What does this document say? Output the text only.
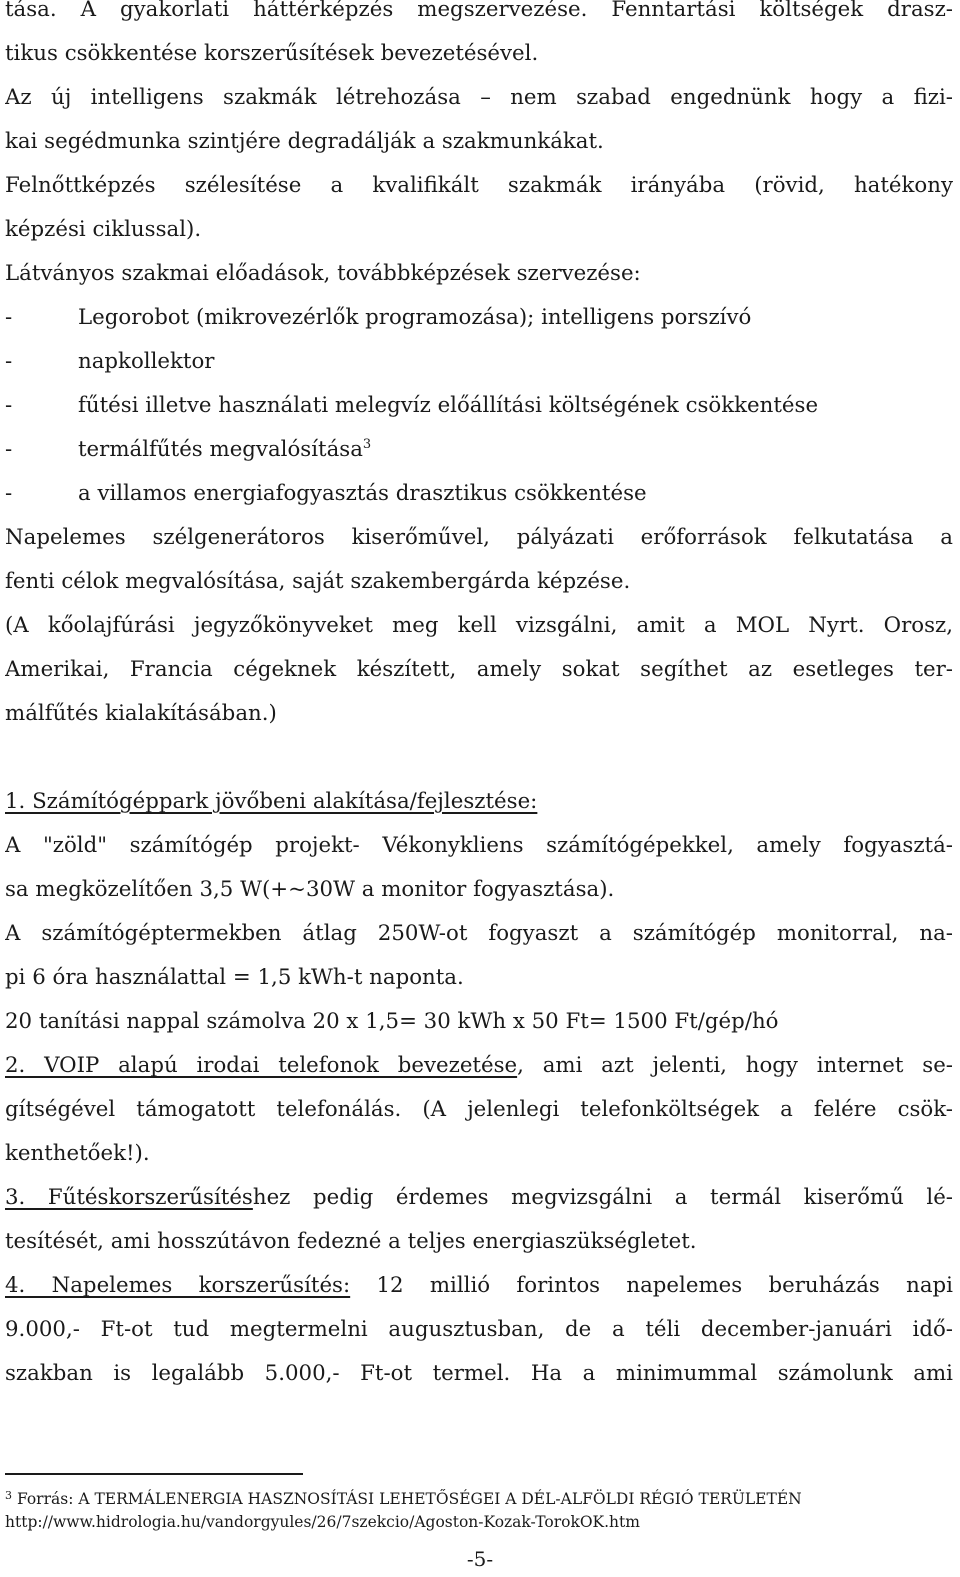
tása. A gyakorlati háttérképzés megszervezése. Fenntartási költségek drasz-
tikus csökkentése korszerűsítések bevezetésével.
Az új intelligens szakmák létrehozása – nem szabad engednünk hogy a fizi-
kai segédmunka szintjére degradálják a szakmunkákat.
Felnőttképzés szélesítése a kvalifikált szakmák irányába (rövid, hatékony
képzési ciklussal).
Látványos szakmai előadások, továbbképzések szervezése:
-	Legorobot (mikrovezérlők programozása); intelligens porszívó
-	napkollektor
-	fűtési illetve használati melegvíz előállítási költségének csökkentése
-	termálfűtés megvalósítása$^3$
-	a villamos energiafogyasztás drasztikus csökkentése
Napelemes szélgenerátoros kiserőművel, pályázati erőforrások felkutatása a
fenti célok megvalósítása, saját szakembergárda képzése.
(A kőolajfúrási jegyzőkönyveket meg kell vizsgálni, amit a MOL Nyrt. Orosz,
Amerikai, Francia cégeknek készített, amely sokat segíthet az esetleges ter-
málfűtés kialakításában.)
1. Számítógéppark jövőbeni alakítása/fejlesztése:
A "zöld" számítógép projekt- Vékonykliens számítógépekkel, amely fogyasztá-
sa megközelítően 3,5 W(+~30W a monitor fogyasztása).
A számítógéptermekben átlag 250W-ot fogyaszt a számítógép monitorral, na-
pi 6 óra használattal = 1,5 kWh-t naponta.
20 tanítási nappal számolva 20 x 1,5= 30 kWh x 50 Ft= 1500 Ft/gép/hó
2. VOIP alapú irodai telefonok bevezetése, ami azt jelenti, hogy internet se-
gítségével támogatott telefonálás. (A jelenlegi telefonköltségek a felére csök-
kenthetőek!).
3. Fűtéskorszerűsítéshez pedig érdemes megvizsgálni a termál kiserőmű lé-
tesítését, ami hosszútávon fedezné a teljes energiaszükségletet.
4. Napelemes korszerűsítés: 12 millió forintos napelemes beruházás napi
9.000,- Ft-ot tud megtermelni augusztusban, de a téli december-januári idő-
szakban is legalább 5.000,- Ft-ot termel. Ha a minimummal számolunk ami
$^3$ Forrás: A TERMÁLENERGIA HASZNOSÍTÁSI LEHETŐSÉGEI A DÉL-ALFÖLDI RÉGIÓ TERÜLETÉN
http://www.hidrologia.hu/vandorgyules/26/7szekcio/Agoston-Kozak-TorokOK.htm
-5-
